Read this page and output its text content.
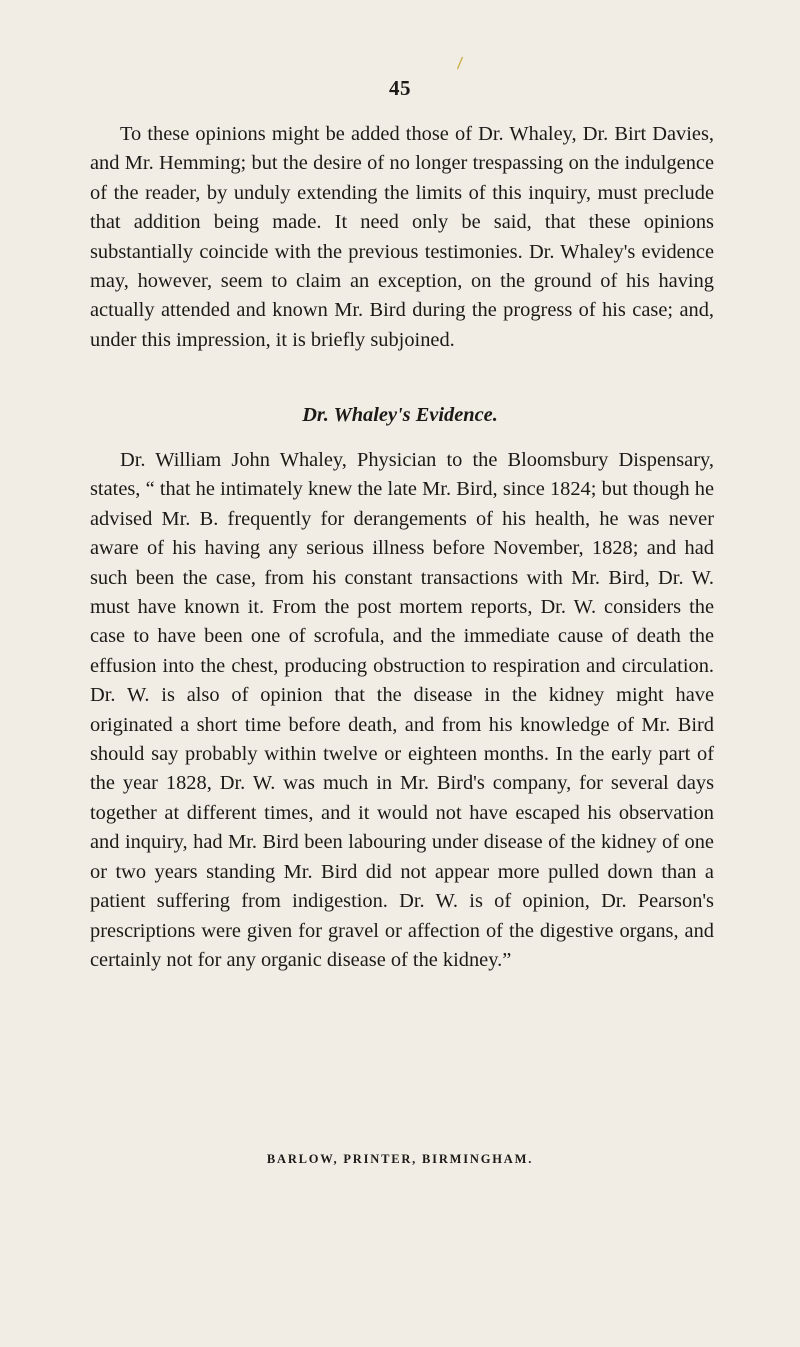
45

To these opinions might be added those of Dr. Whaley, Dr. Birt Davies, and Mr. Hemming; but the desire of no longer trespassing on the indulgence of the reader, by unduly extending the limits of this inquiry, must preclude that addition being made. It need only be said, that these opinions substantially coincide with the previous testimonies. Dr. Whaley's evidence may, however, seem to claim an exception, on the ground of his having actually attended and known Mr. Bird during the progress of his case; and, under this impression, it is briefly subjoined.

Dr. Whaley's Evidence.

Dr. William John Whaley, Physician to the Bloomsbury Dispensary, states, “ that he intimately knew the late Mr. Bird, since 1824; but though he advised Mr. B. frequently for derangements of his health, he was never aware of his having any serious illness before November, 1828; and had such been the case, from his constant transactions with Mr. Bird, Dr. W. must have known it. From the post mortem reports, Dr. W. considers the case to have been one of scrofula, and the immediate cause of death the effusion into the chest, producing obstruction to respiration and circulation. Dr. W. is also of opinion that the disease in the kidney might have originated a short time before death, and from his knowledge of Mr. Bird should say probably within twelve or eighteen months. In the early part of the year 1828, Dr. W. was much in Mr. Bird's company, for several days together at different times, and it would not have escaped his observation and inquiry, had Mr. Bird been labouring under disease of the kidney of one or two years standing Mr. Bird did not appear more pulled down than a patient suffering from indigestion. Dr. W. is of opinion, Dr. Pearson's prescriptions were given for gravel or affection of the digestive organs, and certainly not for any organic disease of the kidney.”

BARLOW, PRINTER, BIRMINGHAM.
